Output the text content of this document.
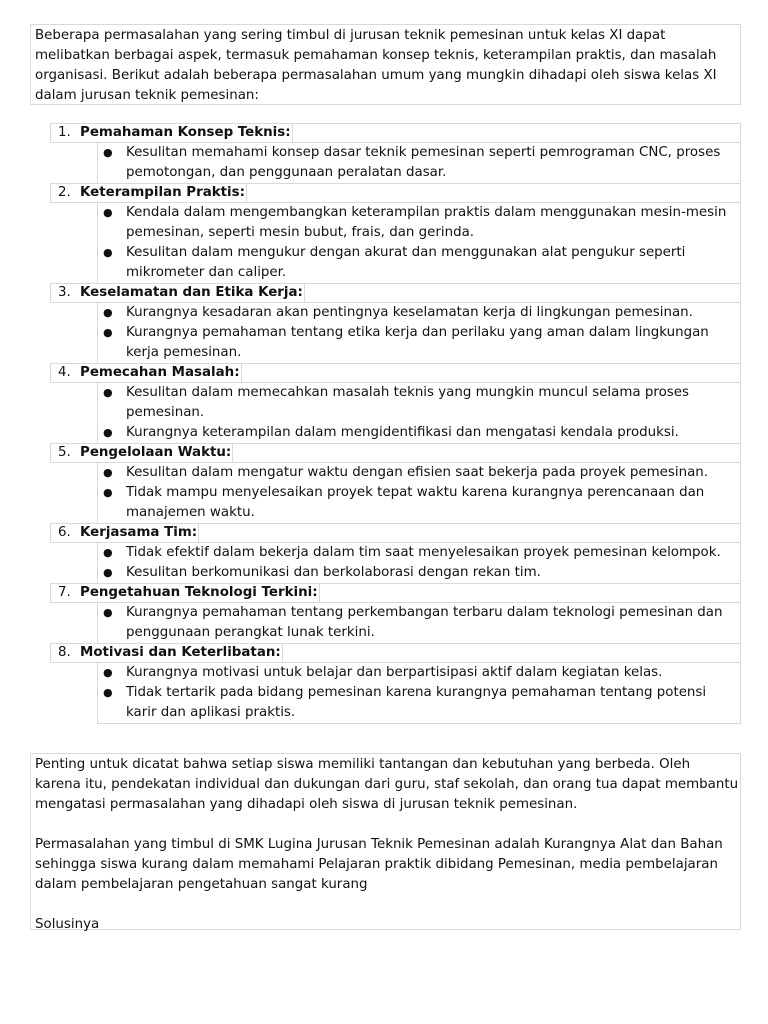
Beberapa permasalahan yang sering timbul di jurusan teknik pemesinan untuk kelas XI dapat melibatkan berbagai aspek, termasuk pemahaman konsep teknis, keterampilan praktis, dan masalah organisasi. Berikut adalah beberapa permasalahan umum yang mungkin dihadapi oleh siswa kelas XI dalam jurusan teknik pemesinan:
1. Pemahaman Konsep Teknis:
● Kesulitan memahami konsep dasar teknik pemesinan seperti pemrograman CNC, proses pemotongan, dan penggunaan peralatan dasar.
2. Keterampilan Praktis:
● Kendala dalam mengembangkan keterampilan praktis dalam menggunakan mesin-mesin pemesinan, seperti mesin bubut, frais, dan gerinda.
● Kesulitan dalam mengukur dengan akurat dan menggunakan alat pengukur seperti mikrometer dan caliper.
3. Keselamatan dan Etika Kerja:
● Kurangnya kesadaran akan pentingnya keselamatan kerja di lingkungan pemesinan.
● Kurangnya pemahaman tentang etika kerja dan perilaku yang aman dalam lingkungan kerja pemesinan.
4. Pemecahan Masalah:
● Kesulitan dalam memecahkan masalah teknis yang mungkin muncul selama proses pemesinan.
● Kurangnya keterampilan dalam mengidentifikasi dan mengatasi kendala produksi.
5. Pengelolaan Waktu:
● Kesulitan dalam mengatur waktu dengan efisien saat bekerja pada proyek pemesinan.
● Tidak mampu menyelesaikan proyek tepat waktu karena kurangnya perencanaan dan manajemen waktu.
6. Kerjasama Tim:
● Tidak efektif dalam bekerja dalam tim saat menyelesaikan proyek pemesinan kelompok.
● Kesulitan berkomunikasi dan berkolaborasi dengan rekan tim.
7. Pengetahuan Teknologi Terkini:
● Kurangnya pemahaman tentang perkembangan terbaru dalam teknologi pemesinan dan penggunaan perangkat lunak terkini.
8. Motivasi dan Keterlibatan:
● Kurangnya motivasi untuk belajar dan berpartisipasi aktif dalam kegiatan kelas.
● Tidak tertarik pada bidang pemesinan karena kurangnya pemahaman tentang potensi karir dan aplikasi praktis.

Penting untuk dicatat bahwa setiap siswa memiliki tantangan dan kebutuhan yang berbeda. Oleh karena itu, pendekatan individual dan dukungan dari guru, staf sekolah, dan orang tua dapat membantu mengatasi permasalahan yang dihadapi oleh siswa di jurusan teknik pemesinan.

Permasalahan yang timbul di SMK Lugina Jurusan Teknik Pemesinan adalah Kurangnya Alat dan Bahan sehingga siswa kurang dalam memahami Pelajaran praktik dibidang Pemesinan, media pembelajaran dalam pembelajaran pengetahuan sangat kurang

Solusinya
